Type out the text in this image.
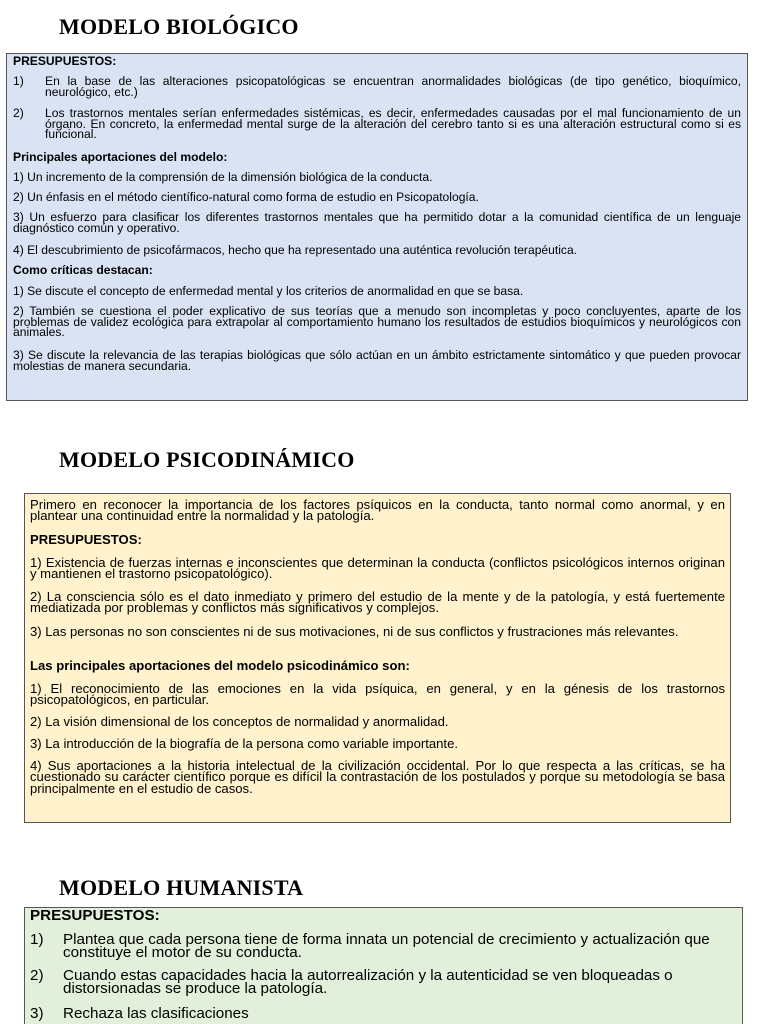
MODELO BIOLÓGICO
PRESUPUESTOS:
1) En la base de las alteraciones psicopatológicas se encuentran anormalidades biológicas (de tipo genético, bioquímico, neurológico, etc.)
2) Los trastornos mentales serían enfermedades sistémicas, es decir, enfermedades causadas por el mal funcionamiento de un órgano. En concreto, la enfermedad mental surge de la alteración del cerebro tanto si es una alteración estructural como si es funcional.
Principales aportaciones del modelo:

1) Un incremento de la comprensión de la dimensión biológica de la conducta.

2) Un énfasis en el método científico-natural como forma de estudio en Psicopatología.

3) Un esfuerzo para clasificar los diferentes trastornos mentales que ha permitido dotar a la comunidad científica de un lenguaje diagnóstico común y operativo.

4) El descubrimiento de psicofármacos, hecho que ha representado una auténtica revolución terapéutica.

Como críticas destacan:

1) Se discute el concepto de enfermedad mental y los criterios de anormalidad en que se basa.

2) También se cuestiona el poder explicativo de sus teorías que a menudo son incompletas y poco concluyentes, aparte de los problemas de validez ecológica para extrapolar al comportamiento humano los resultados de estudios bioquímicos y neurológicos con animales.

3) Se discute la relevancia de las terapias biológicas que sólo actúan en un ámbito estrictamente sintomático y que pueden provocar molestias de manera secundaria.

MODELO PSICODINÁMICO

Primero en reconocer la importancia de los factores psíquicos en la conducta, tanto normal como anormal, y en plantear una continuidad entre la normalidad y la patología.

PRESUPUESTOS:

1) Existencia de fuerzas internas e inconscientes que determinan la conducta (conflictos psicológicos internos originan y mantienen el trastorno psicopatológico).

2) La consciencia sólo es el dato inmediato y primero del estudio de la mente y de la patología, y está fuertemente mediatizada por problemas y conflictos más significativos y complejos.

3) Las personas no son conscientes ni de sus motivaciones, ni de sus conflictos y frustraciones más relevantes.

Las principales aportaciones del modelo psicodinámico son:

1) El reconocimiento de las emociones en la vida psíquica, en general, y en la génesis de los trastornos psicopatológicos, en particular.

2) La visión dimensional de los conceptos de normalidad y anormalidad.

3) La introducción de la biografía de la persona como variable importante.

4) Sus aportaciones a la historia intelectual de la civilización occidental. Por lo que respecta a las críticas, se ha cuestionado su carácter científico porque es difícil la contrastación de los postulados y porque su metodología se basa principalmente en el estudio de casos.

MODELO HUMANISTA
PRESUPUESTOS:
1) Plantea que cada persona tiene de forma innata un potencial de crecimiento y actualización que constituye el motor de su conducta.
2) Cuando estas capacidades hacia la autorrealización y la autenticidad se ven bloqueadas o distorsionadas se produce la patología.
3) Rechaza las clasificaciones
